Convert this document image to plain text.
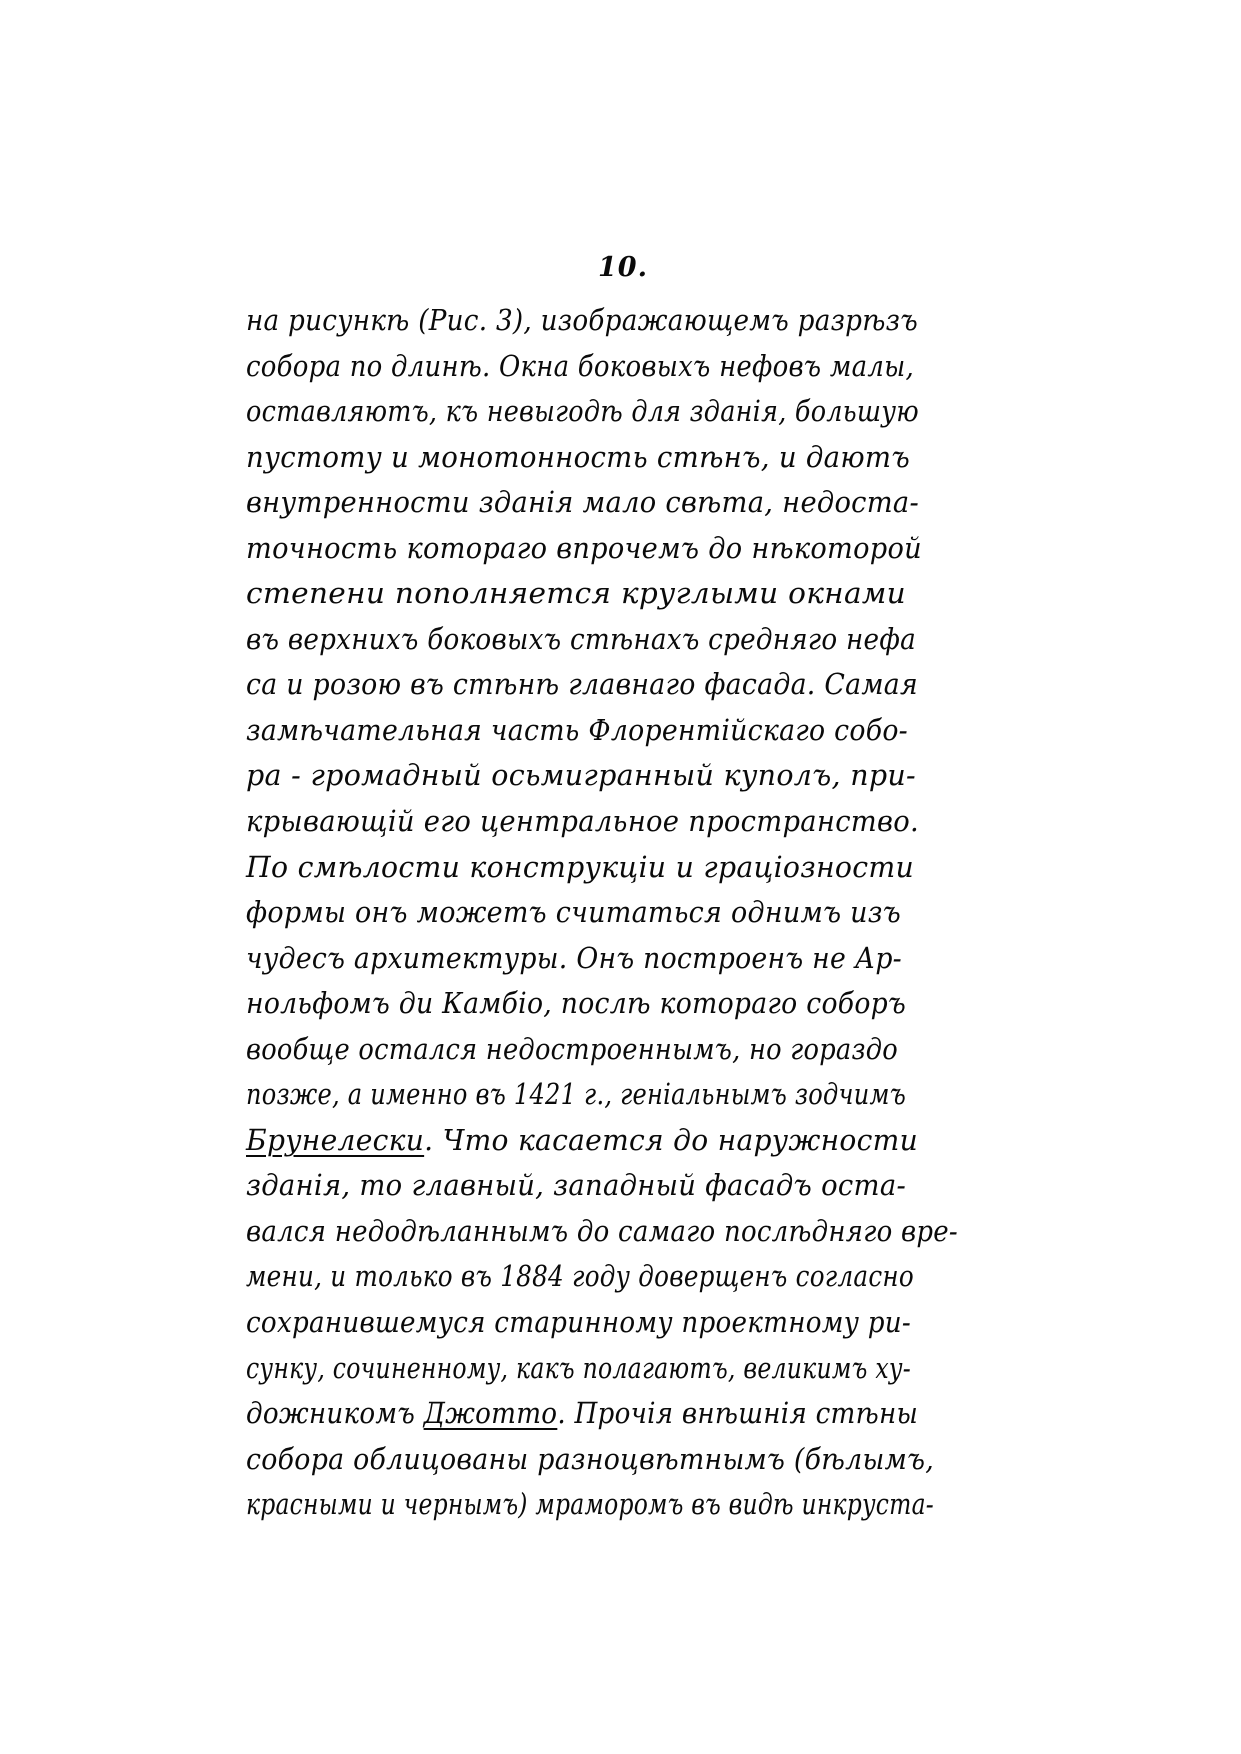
10.
на рисункѣ (Рис. 3), изображающемъ разрѣзъ
собора по длинѣ. Окна боковыхъ нефовъ малы,
оставляютъ, къ невыгодѣ для зданія, большую
пустоту и монотонность стѣнъ, и даютъ
внутренности зданія мало свѣта, недоста-
точность котораго впрочемъ до нѣкоторой
степени пополняется круглыми окнами
въ верхнихъ боковыхъ стѣнахъ средняго нефа
са и розою въ стѣнѣ главнаго фасада. Самая
замѣчательная часть Флорентійскаго собо-
ра - громадный осьмигранный куполъ, при-
крывающій его центральное пространство.
По смѣлости конструкціи и граціозности
формы онъ можетъ считаться однимъ изъ
чудесъ архитектуры. Онъ построенъ не Ар-
нольфомъ ди Камбіо, послѣ котораго соборъ
вообще остался недостроеннымъ, но гораздо
позже, а именно въ 1421 г., геніальнымъ зодчимъ
Брунелески . Что касается до наружности
зданія, то главный, западный фасадъ оста-
вался недодѣланнымъ до самаго послѣдняго вре-
мени, и только въ 1884 году доверщенъ согласно
сохранившемуся старинному проектному ри-
сунку, сочиненному, какъ полагаютъ, великимъ ху-
дожникомъ Джотто . Прочія внѣшнія стѣны
собора облицованы разноцвѣтнымъ (бѣлымъ,
красными и чернымъ) мраморомъ въ видѣ инкруста-
